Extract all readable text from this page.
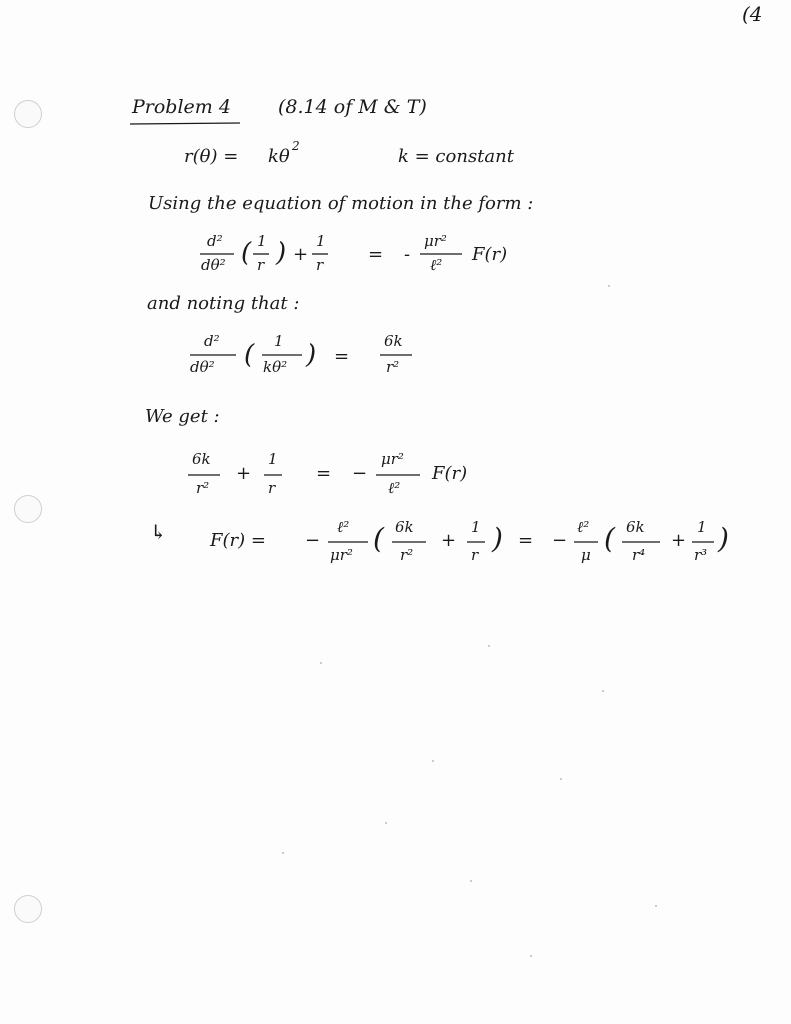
(4
Problem 4 (8.14 of M & T)
r(θ) = kθ 2	k = constant
Using the equation of motion in the form :
d²
dθ² ( 1
r ) +
1
r = -
μr²
ℓ² F(r)
and noting that :
d²
dθ² ( 1
kθ² ) =
6k
r²
We get :
6k
r²
+
1
r
= −
μr²
ℓ²
F(r)
↳ F(r) = −
ℓ²
μr² ( 6k
r²
+
1
r ) = −
ℓ²
μ ( 6k
r⁴
+
1
r³ )
